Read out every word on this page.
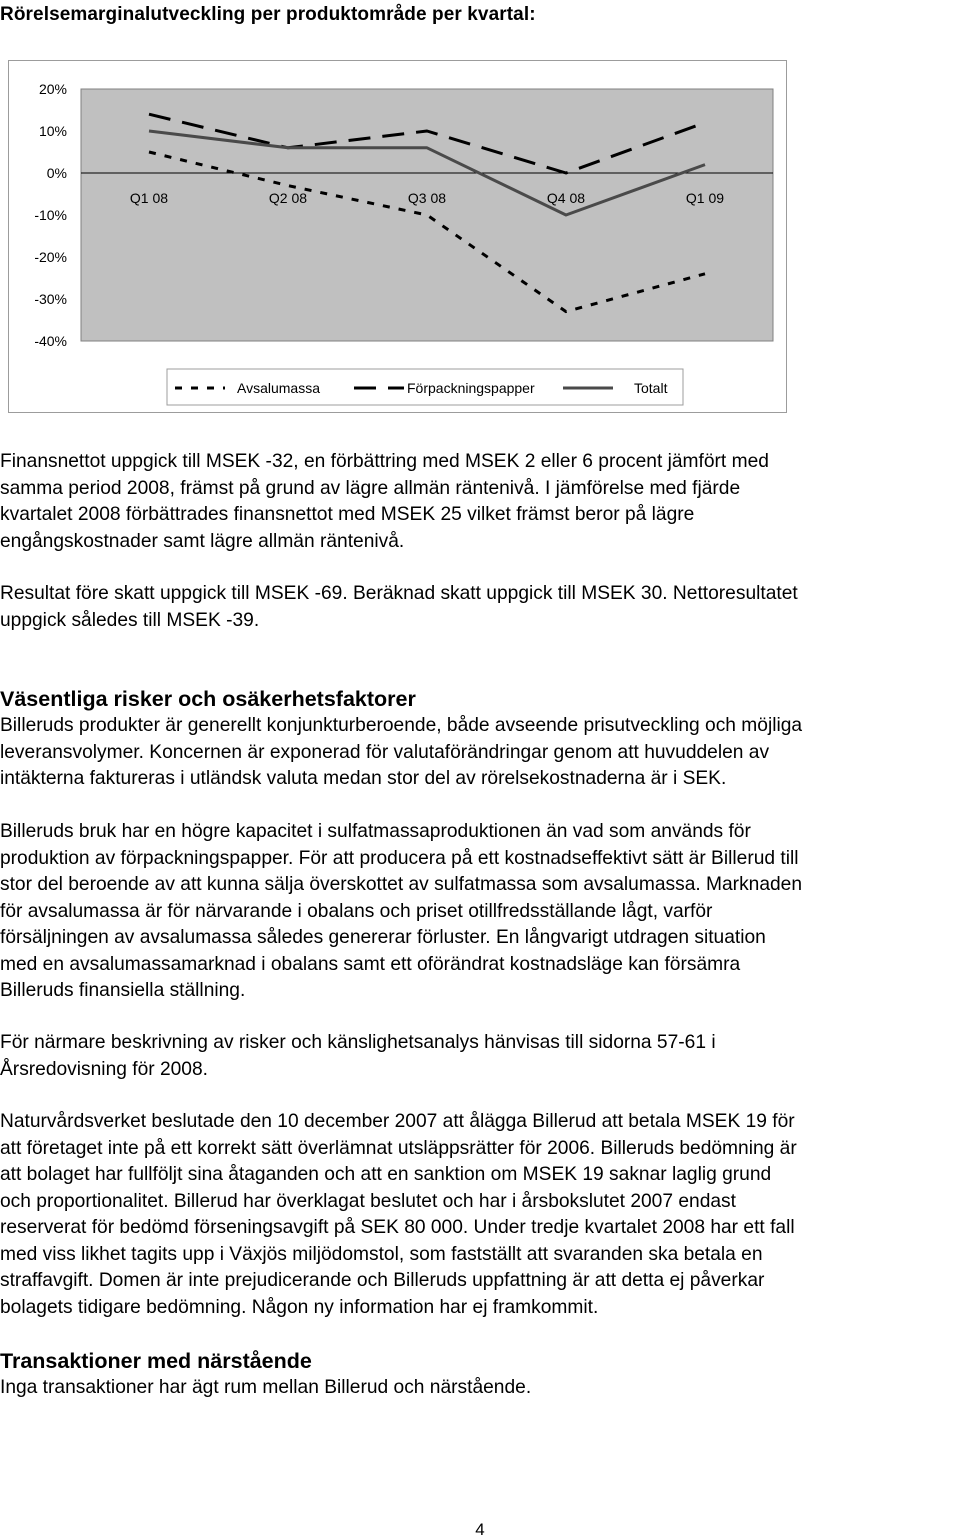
Rörelsemarginalutveckling per produktområde per kvartal:
20%
10%
0%
-10%
-20%
-30%
-40%
Q1 08	Q2 08	Q3 08	Q4 08	Q1 09
Avsalumassa	Förpackningspapper	Totalt
Finansnettot uppgick till MSEK -32, en förbättring med MSEK 2 eller 6 procent jämfört med
samma period 2008, främst på grund av lägre allmän räntenivå. I jämförelse med fjärde
kvartalet 2008 förbättrades finansnettot med MSEK 25 vilket främst beror på lägre
engångskostnader samt lägre allmän räntenivå.
Resultat före skatt uppgick till MSEK -69. Beräknad skatt uppgick till MSEK 30. Nettoresultatet
uppgick således till MSEK -39.
Väsentliga risker och osäkerhetsfaktorer
Billeruds produkter är generellt konjunkturberoende, både avseende prisutveckling och möjliga
leveransvolymer. Koncernen är exponerad för valutaförändringar genom att huvuddelen av
intäkterna faktureras i utländsk valuta medan stor del av rörelsekostnaderna är i SEK.
Billeruds bruk har en högre kapacitet i sulfatmassaproduktionen än vad som används för
produktion av förpackningspapper. För att producera på ett kostnadseffektivt sätt är Billerud till
stor del beroende av att kunna sälja överskottet av sulfatmassa som avsalumassa. Marknaden
för avsalumassa är för närvarande i obalans och priset otillfredsställande lågt, varför
försäljningen av avsalumassa således genererar förluster. En långvarigt utdragen situation
med en avsalumassamarknad i obalans samt ett oförändrat kostnadsläge kan försämra
Billeruds finansiella ställning.
För närmare beskrivning av risker och känslighetsanalys hänvisas till sidorna 57-61 i
Årsredovisning för 2008.
Naturvårdsverket beslutade den 10 december 2007 att ålägga Billerud att betala MSEK 19 för
att företaget inte på ett korrekt sätt överlämnat utsläppsrätter för 2006. Billeruds bedömning är
att bolaget har fullföljt sina åtaganden och att en sanktion om MSEK 19 saknar laglig grund
och proportionalitet. Billerud har överklagat beslutet och har i årsbokslutet 2007 endast
reserverat för bedömd förseningsavgift på SEK 80 000. Under tredje kvartalet 2008 har ett fall
med viss likhet tagits upp i Växjös miljödomstol, som fastställt att svaranden ska betala en
straffavgift. Domen är inte prejudicerande och Billeruds uppfattning är att detta ej påverkar
bolagets tidigare bedömning. Någon ny information har ej framkommit.
Transaktioner med närstående
Inga transaktioner har ägt rum mellan Billerud och närstående.
4
